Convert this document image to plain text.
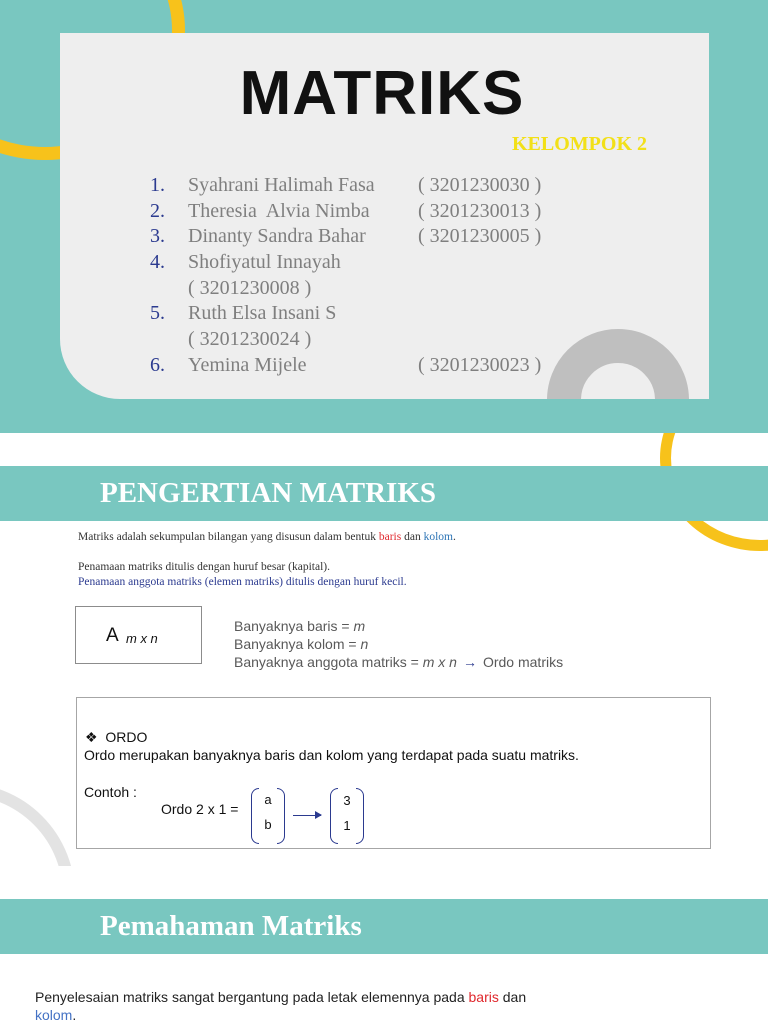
MATRIKS
KELOMPOK 2
1. Syahrani Halimah Fasa ( 3201230030 )
2. Theresia  Alvia Nimba ( 3201230013 )
3. Dinanty Sandra Bahar	( 3201230005 )
4. Shofiyatul Innayah
( 3201230008 )
5. Ruth Elsa Insani S
( 3201230024 )
6. Yemina Mijele	( 3201230023 )
PENGERTIAN MATRIKS
Matriks adalah sekumpulan bilangan yang disusun dalam bentuk baris dan kolom.
Penamaan matriks ditulis dengan huruf besar (kapital).
Penamaan anggota matriks (elemen matriks) ditulis dengan huruf kecil.
A m x n
Banyaknya baris = m
Banyaknya kolom = n
Banyaknya anggota matriks = m x n → Ordo matriks
❖ ORDO
Ordo merupakan banyaknya baris dan kolom yang terdapat pada suatu matriks.
Contoh :
Ordo 2 x 1 =
a
b
3
1
Pemahaman Matriks
Penyelesaian matriks sangat bergantung pada letak elemennya pada baris dan
kolom.
